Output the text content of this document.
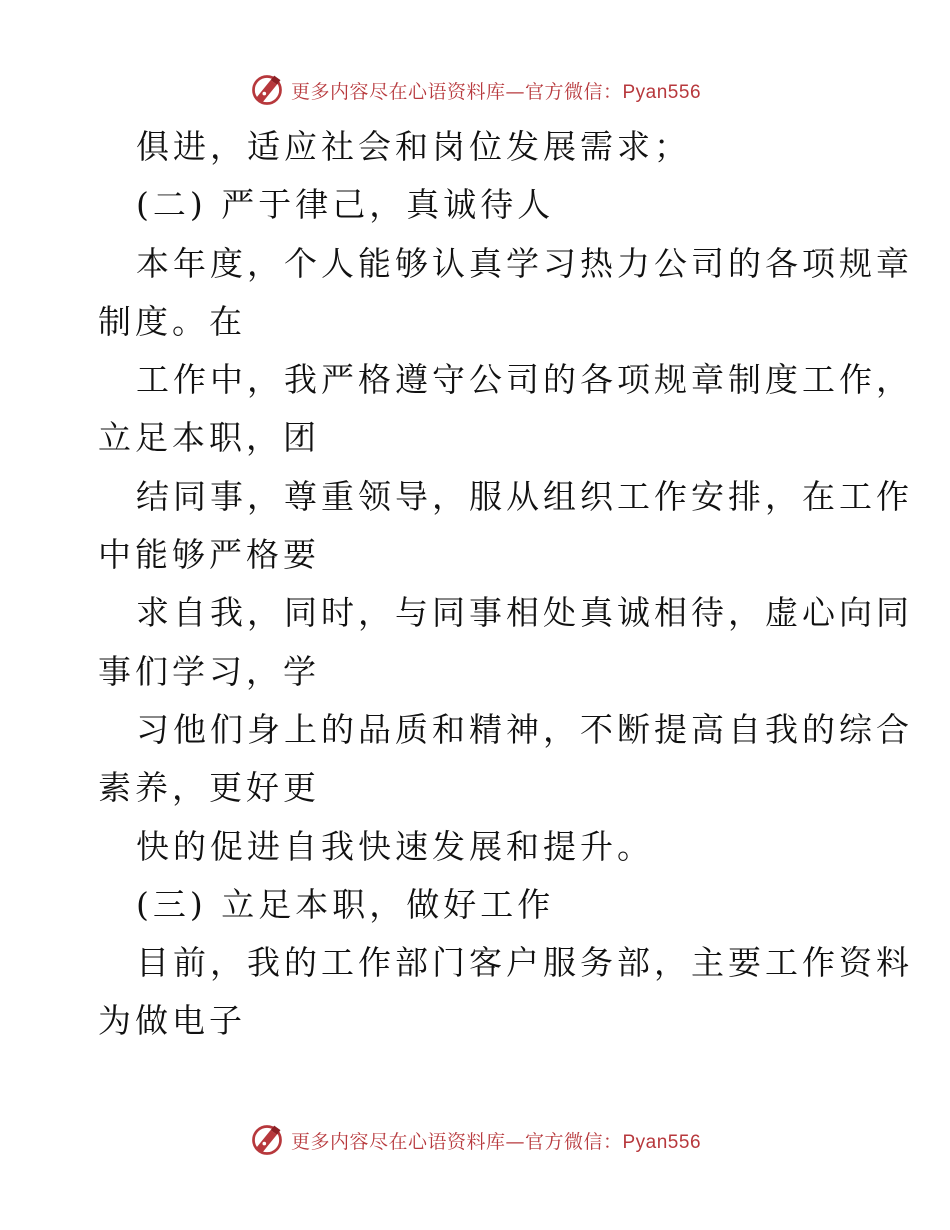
更多内容尽在心语资料库—官方微信：Pyan556
俱进，适应社会和岗位发展需求；
(二) 严于律己，真诚待人
本年度，个人能够认真学习热力公司的各项规章
制度。在
工作中，我严格遵守公司的各项规章制度工作，
立足本职，团
结同事，尊重领导，服从组织工作安排，在工作
中能够严格要
求自我，同时，与同事相处真诚相待，虚心向同
事们学习，学
习他们身上的品质和精神，不断提高自我的综合
素养，更好更
快的促进自我快速发展和提升。
(三) 立足本职，做好工作
目前，我的工作部门客户服务部，主要工作资料
为做电子
更多内容尽在心语资料库—官方微信：Pyan556
